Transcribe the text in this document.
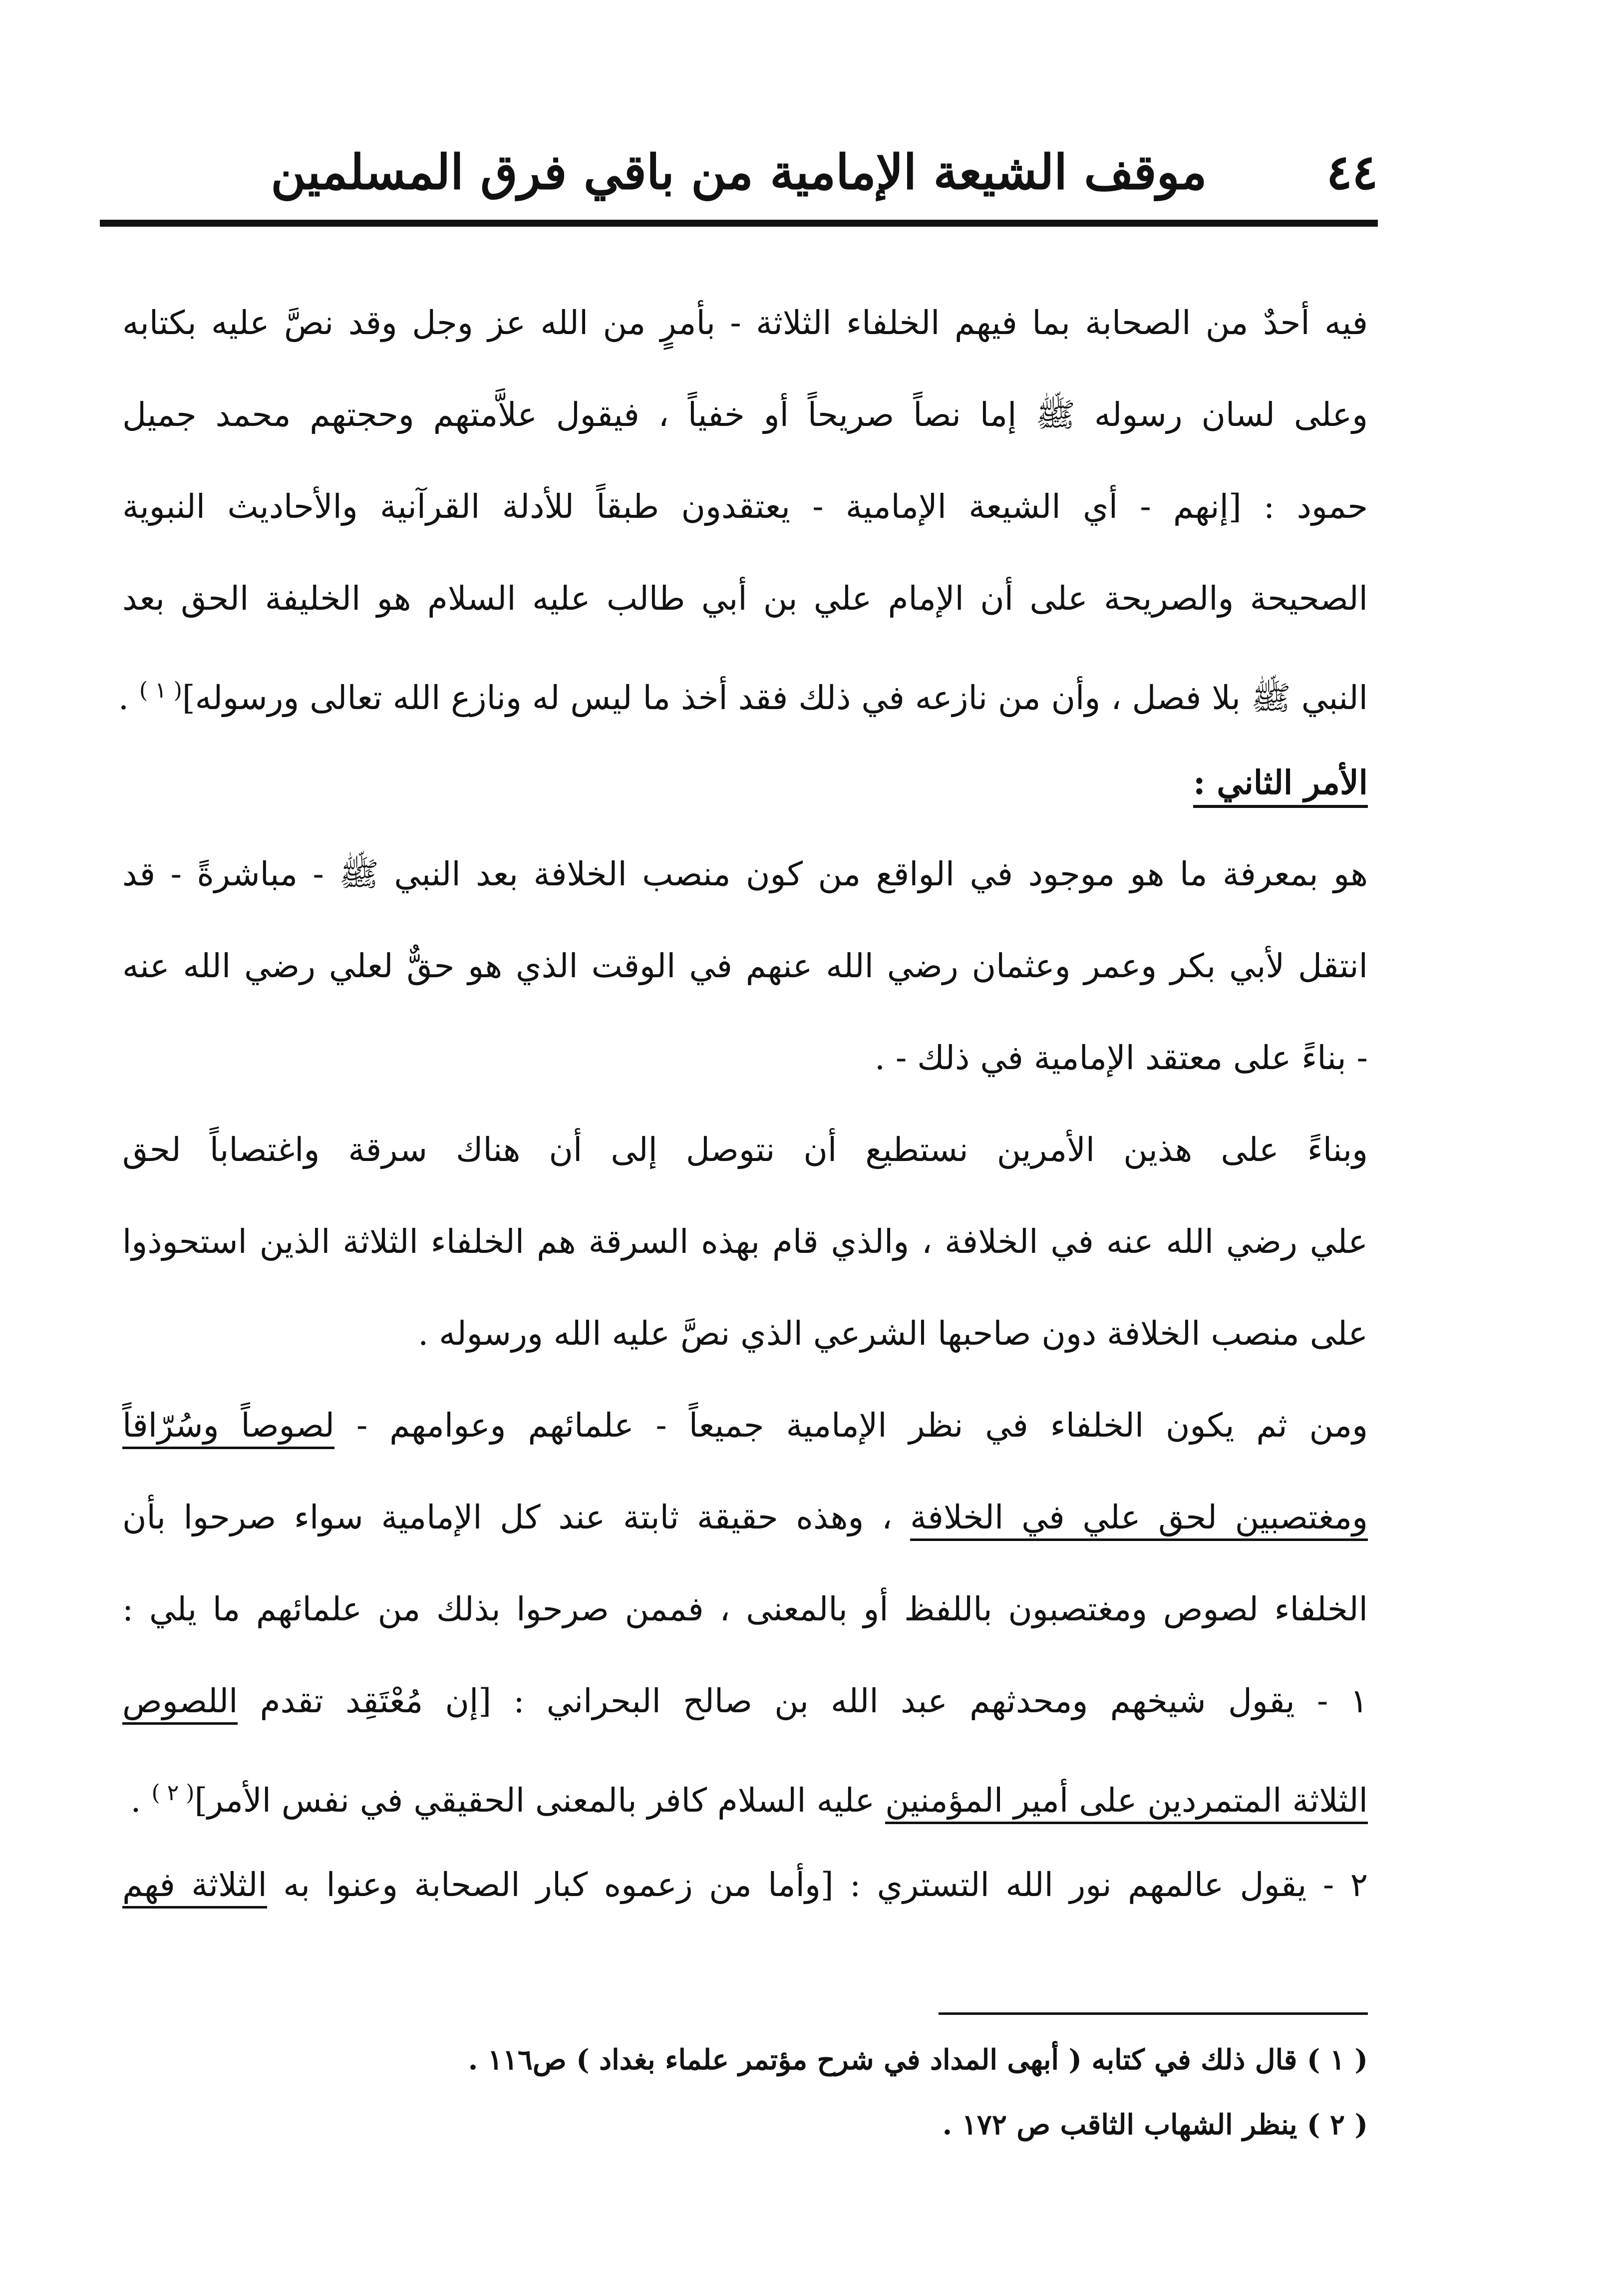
٤٤
موقف الشيعة الإمامية من باقي فرق المسلمين
فيه أحدٌ من الصحابة بما فيهم الخلفاء الثلاثة - بأمرٍ من الله عز وجل وقد نصَّ عليه بكتابه
وعلى لسان رسوله ﷺ إما نصاً صريحاً أو خفياً ، فيقول علاَّمتهم وحجتهم محمد جميل
حمود : [إنهم - أي الشيعة الإمامية - يعتقدون طبقاً للأدلة القرآنية والأحاديث النبوية
الصحيحة والصريحة على أن الإمام علي بن أبي طالب عليه السلام هو الخليفة الحق بعد
النبي ﷺ بلا فصل ، وأن من نازعه في ذلك فقد أخذ ما ليس له ونازع الله تعالى ورسوله]$^{( ١ )}$ .
الأمر الثاني :
هو بمعرفة ما هو موجود في الواقع من كون منصب الخلافة بعد النبي ﷺ - مباشرةً - قد
انتقل لأبي بكر وعمر وعثمان رضي الله عنهم في الوقت الذي هو حقٌّ لعلي رضي الله عنه
- بناءً على معتقد الإمامية في ذلك - .
وبناءً على هذين الأمرين نستطيع أن نتوصل إلى أن هناك سرقة واغتصاباً لحق
علي رضي الله عنه في الخلافة ، والذي قام بهذه السرقة هم الخلفاء الثلاثة الذين استحوذوا
على منصب الخلافة دون صاحبها الشرعي الذي نصَّ عليه الله ورسوله .
ومن ثم يكون الخلفاء في نظر الإمامية جميعاً - علمائهم وعوامهم - لصوصاً وسُرّاقاً
ومغتصبين لحق علي في الخلافة ، وهذه حقيقة ثابتة عند كل الإمامية سواء صرحوا بأن
الخلفاء لصوص ومغتصبون باللفظ أو بالمعنى ، فممن صرحوا بذلك من علمائهم ما يلي :
١ - يقول شيخهم ومحدثهم عبد الله بن صالح البحراني : [إن مُعْتَقِد تقدم اللصوص
الثلاثة المتمردين على أمير المؤمنين عليه السلام كافر بالمعنى الحقيقي في نفس الأمر]$^{( ٢ )}$ .
٢ - يقول عالمهم نور الله التستري : [وأما من زعموه كبار الصحابة وعنوا به الثلاثة فهم
( ١ ) قال ذلك في كتابه ( أبهى المداد في شرح مؤتمر علماء بغداد ) ص١١٦ .
( ٢ ) ينظر الشهاب الثاقب ص ١٧٢ .
